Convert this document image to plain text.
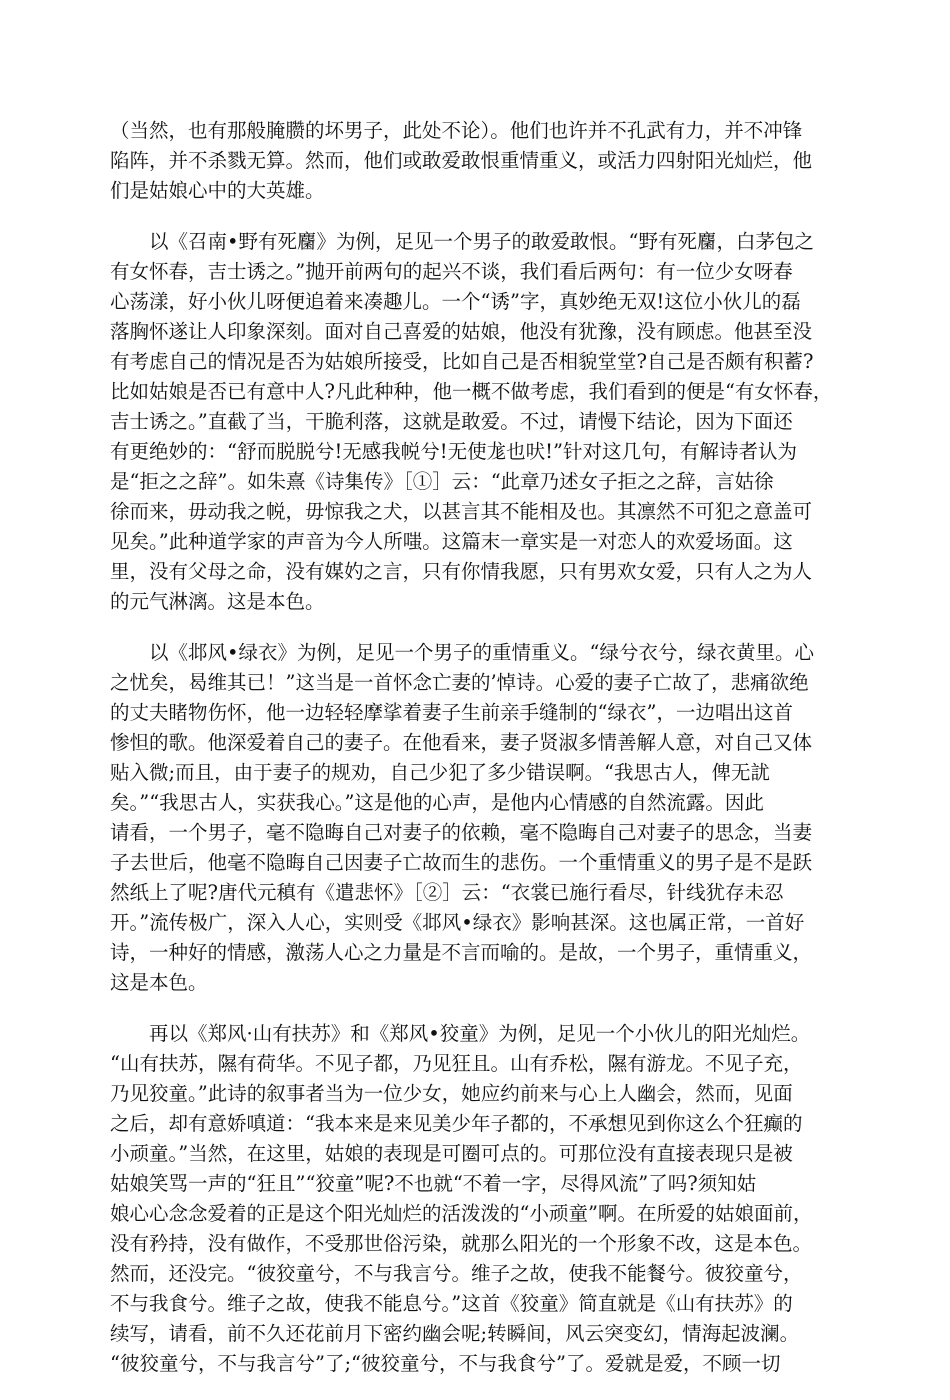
（当然，也有那般腌臜的坏男子，此处不论）。他们也许并不孔武有力，并不冲锋
陷阵，并不杀戮无算。然而，他们或敢爱敢恨重情重义，或活力四射阳光灿烂，他
们是姑娘心中的大英雄。
　　以《召南•野有死麕》为例，足见一个男子的敢爱敢恨。“野有死麕，白茅包之
有女怀春，吉士诱之。”抛开前两句的起兴不谈，我们看后两句：有一位少女呀春
心荡漾，好小伙儿呀便追着来凑趣儿。一个“诱”字，真妙绝无双!这位小伙儿的磊
落胸怀遂让人印象深刻。面对自己喜爱的姑娘，他没有犹豫，没有顾虑。他甚至没
有考虑自己的情况是否为姑娘所接受，比如自己是否相貌堂堂?自己是否颇有积蓄?
比如姑娘是否已有意中人?凡此种种，他一概不做考虑，我们看到的便是“有女怀春，
吉士诱之。”直截了当，干脆利落，这就是敢爱。不过，请慢下结论，因为下面还
有更绝妙的：“舒而脱脱兮!无感我帨兮!无使尨也吠!”针对这几句，有解诗者认为
是“拒之之辞”。如朱熹《诗集传》［①］云：“此章乃述女子拒之之辞，言姑徐
徐而来，毋动我之帨，毋惊我之犬，以甚言其不能相及也。其凛然不可犯之意盖可
见矣。”此种道学家的声音为今人所嗤。这篇末一章实是一对恋人的欢爱场面。这
里，没有父母之命，没有媒妁之言，只有你情我愿，只有男欢女爱，只有人之为人
的元气淋漓。这是本色。
　　以《邶风•绿衣》为例，足见一个男子的重情重义。“绿兮衣兮，绿衣黄里。心
之忧矣，曷维其已！”这当是一首怀念亡妻的’悼诗。心爱的妻子亡故了，悲痛欲绝
的丈夫睹物伤怀，他一边轻轻摩挲着妻子生前亲手缝制的“绿衣”，一边唱出这首
惨怛的歌。他深爱着自己的妻子。在他看来，妻子贤淑多情善解人意，对自己又体
贴入微;而且，由于妻子的规劝，自己少犯了多少错误啊。“我思古人，俾无訧
矣。”“我思古人，实获我心。”这是他的心声，是他内心情感的自然流露。因此
请看，一个男子，毫不隐晦自己对妻子的依赖，毫不隐晦自己对妻子的思念，当妻
子去世后，他毫不隐晦自己因妻子亡故而生的悲伤。一个重情重义的男子是不是跃
然纸上了呢?唐代元稹有《遣悲怀》［②］云：“衣裳已施行看尽，针线犹存未忍
开。”流传极广，深入人心，实则受《邶风•绿衣》影响甚深。这也属正常，一首好
诗，一种好的情感，激荡人心之力量是不言而喻的。是故，一个男子，重情重义，
这是本色。
　　再以《郑风·山有扶苏》和《郑风•狡童》为例，足见一个小伙儿的阳光灿烂。
“山有扶苏，隰有荷华。不见子都，乃见狂且。山有乔松，隰有游龙。不见子充，
乃见狡童。”此诗的叙事者当为一位少女，她应约前来与心上人幽会，然而，见面
之后，却有意娇嗔道：“我本来是来见美少年子都的，不承想见到你这么个狂癫的
小顽童。”当然，在这里，姑娘的表现是可圈可点的。可那位没有直接表现只是被
姑娘笑骂一声的“狂且”“狡童”呢?不也就“不着一字，尽得风流”了吗?须知姑
娘心心念念爱着的正是这个阳光灿烂的活泼泼的“小顽童”啊。在所爱的姑娘面前，
没有矜持，没有做作，不受那世俗污染，就那么阳光的一个形象不改，这是本色。
然而，还没完。“彼狡童兮，不与我言兮。维子之故，使我不能餐兮。彼狡童兮，
不与我食兮。维子之故，使我不能息兮。”这首《狡童》简直就是《山有扶苏》的
续写，请看，前不久还花前月下密约幽会呢;转瞬间，风云突变幻，情海起波澜。
“彼狡童兮，不与我言兮”了;“彼狡童兮，不与我食兮”了。爱就是爱，不顾一切
